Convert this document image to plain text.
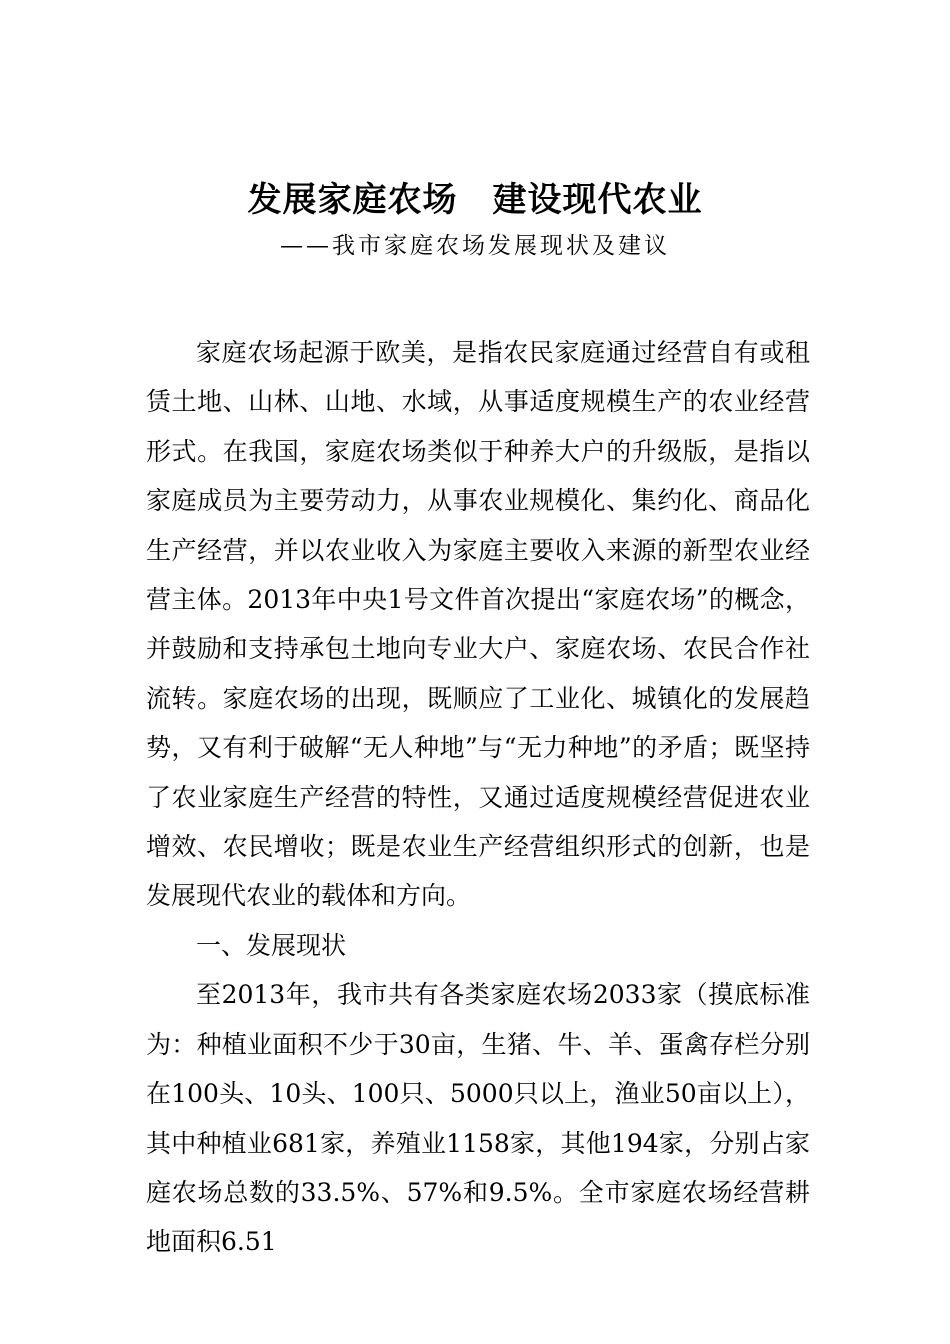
发展家庭农场　建设现代农业
——我市家庭农场发展现状及建议

家庭农场起源于欧美，是指农民家庭通过经营自有或租赁土地、山林、山地、水域，从事适度规模生产的农业经营形式。在我国，家庭农场类似于种养大户的升级版，是指以家庭成员为主要劳动力，从事农业规模化、集约化、商品化生产经营，并以农业收入为家庭主要收入来源的新型农业经营主体。2013年中央1号文件首次提出“家庭农场”的概念，并鼓励和支持承包土地向专业大户、家庭农场、农民合作社流转。家庭农场的出现，既顺应了工业化、城镇化的发展趋势，又有利于破解“无人种地”与“无力种地”的矛盾；既坚持了农业家庭生产经营的特性，又通过适度规模经营促进农业增效、农民增收；既是农业生产经营组织形式的创新，也是发展现代农业的载体和方向。

一、发展现状

至2013年，我市共有各类家庭农场2033家（摸底标准为：种植业面积不少于30亩，生猪、牛、羊、蛋禽存栏分别在100头、10头、100只、5000只以上，渔业50亩以上），其中种植业681家，养殖业1158家，其他194家，分别占家庭农场总数的33.5%、57%和9.5%。全市家庭农场经营耕地面积6.51
